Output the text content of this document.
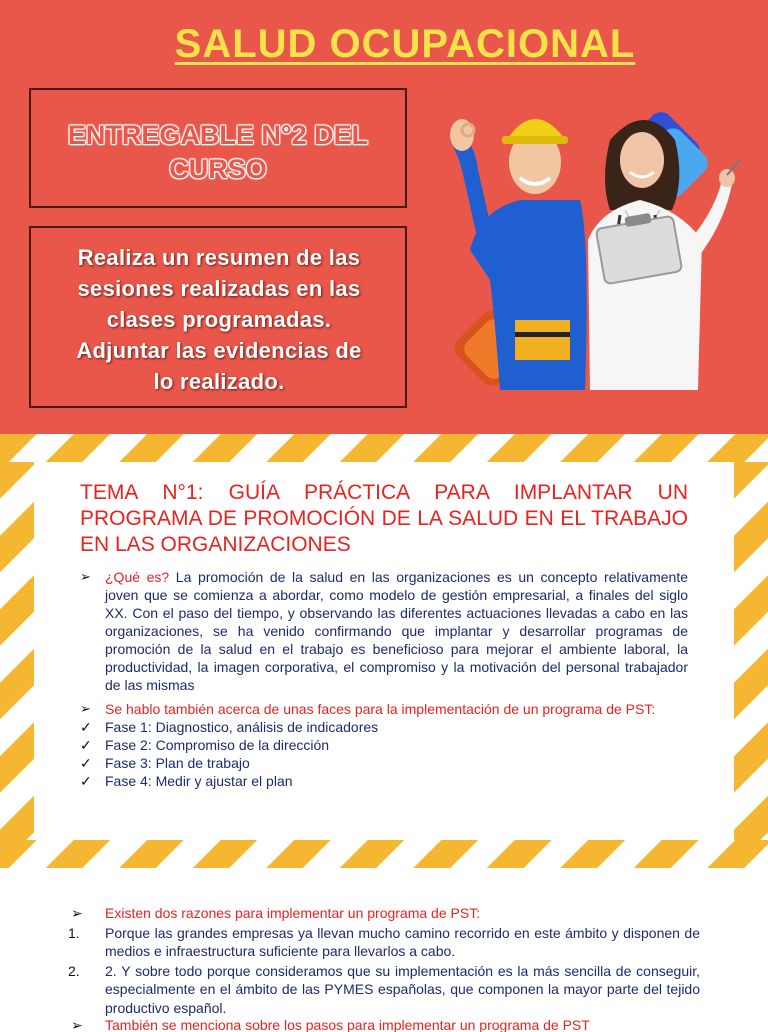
SALUD OCUPACIONAL
ENTREGABLE N°2 DEL
CURSO
Realiza un resumen de las
sesiones realizadas en las
clases programadas.
Adjuntar las evidencias de
lo realizado.
TEMA N°1: GUÍA PRÁCTICA PARA IMPLANTAR UN PROGRAMA DE PROMOCIÓN DE LA SALUD EN EL TRABAJO EN LAS ORGANIZACIONES
➢	¿Qué es? La promoción de la salud en las organizaciones es un concepto relativamente joven que se comienza a abordar, como modelo de gestión empresarial, a finales del siglo XX. Con el paso del tiempo, y observando las diferentes actuaciones llevadas a cabo en las organizaciones, se ha venido confirmando que implantar y desarrollar programas de promoción de la salud en el trabajo es beneficioso para mejorar el ambiente laboral, la productividad, la imagen corporativa, el compromiso y la motivación del personal trabajador de las mismas
➢	Se hablo también acerca de unas faces para la implementación de un programa de PST:
✓ Fase 1: Diagnostico, análisis de indicadores
✓ Fase 2: Compromiso de la dirección
✓ Fase 3: Plan de trabajo
✓ Fase 4: Medir y ajustar el plan
➢	Existen dos razones para implementar un programa de PST:
1.	Porque las grandes empresas ya llevan mucho camino recorrido en este ámbito y disponen de medios e infraestructura suficiente para llevarlos a cabo.
2.	2. Y sobre todo porque consideramos que su implementación es la más sencilla de conseguir, especialmente en el ámbito de las PYMES españolas, que componen la mayor parte del tejido productivo español.
➢	También se menciona sobre los pasos para implementar un programa de PST
